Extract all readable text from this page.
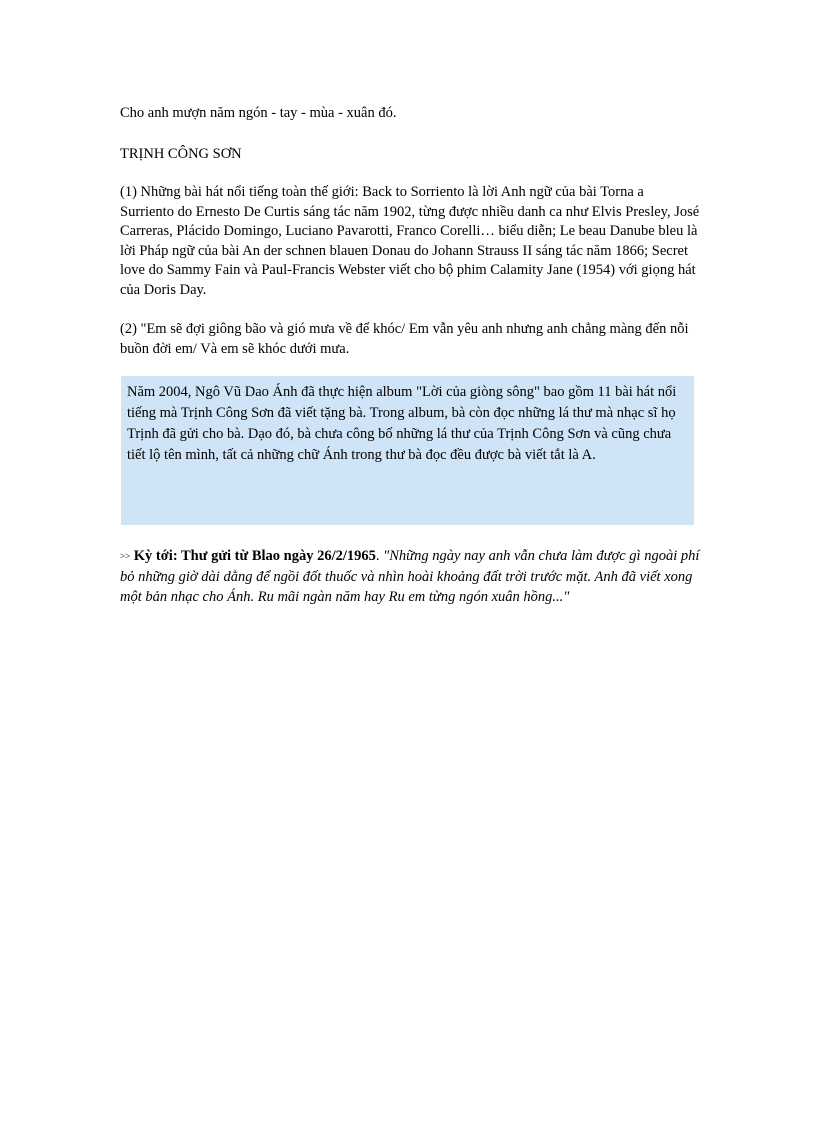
Cho anh mượn năm ngón - tay - mùa - xuân đó.

TRỊNH CÔNG SƠN

(1) Những bài hát nổi tiếng toàn thế giới: Back to Sorriento là lời Anh ngữ của bài Torna a Surriento do Ernesto De Curtis sáng tác năm 1902, từng được nhiều danh ca như Elvis Presley, José Carreras, Plácido Domingo, Luciano Pavarotti, Franco Corelli… biểu diễn; Le beau Danube bleu là lời Pháp ngữ của bài An der schnen blauen Donau do Johann Strauss II sáng tác năm 1866; Secret love do Sammy Fain và Paul-Francis Webster viết cho bộ phim Calamity Jane (1954) với giọng hát của Doris Day.

(2) "Em sẽ đợi giông bão và gió mưa về để khóc/ Em vẫn yêu anh nhưng anh chẳng màng đến nỗi buồn đời em/ Và em sẽ khóc dưới mưa.

Năm 2004, Ngô Vũ Dao Ánh đã thực hiện album "Lời của giòng sông" bao gồm 11 bài hát nổi tiếng mà Trịnh Công Sơn đã viết tặng bà. Trong album, bà còn đọc những lá thư mà nhạc sĩ họ Trịnh đã gửi cho bà. Dạo đó, bà chưa công bố những lá thư của Trịnh Công Sơn và cũng chưa tiết lộ tên mình, tất cả những chữ Ánh trong thư bà đọc đều được bà viết tắt là A.

>> Kỳ tới: Thư gửi từ Blao ngày 26/2/1965. "Những ngày nay anh vẫn chưa làm được gì ngoài phí bỏ những giờ dài dằng để ngồi đốt thuốc và nhìn hoài khoảng đất trời trước mặt. Anh đã viết xong một bản nhạc cho Ánh. Ru mãi ngàn năm hay Ru em từng ngón xuân hồng..."
